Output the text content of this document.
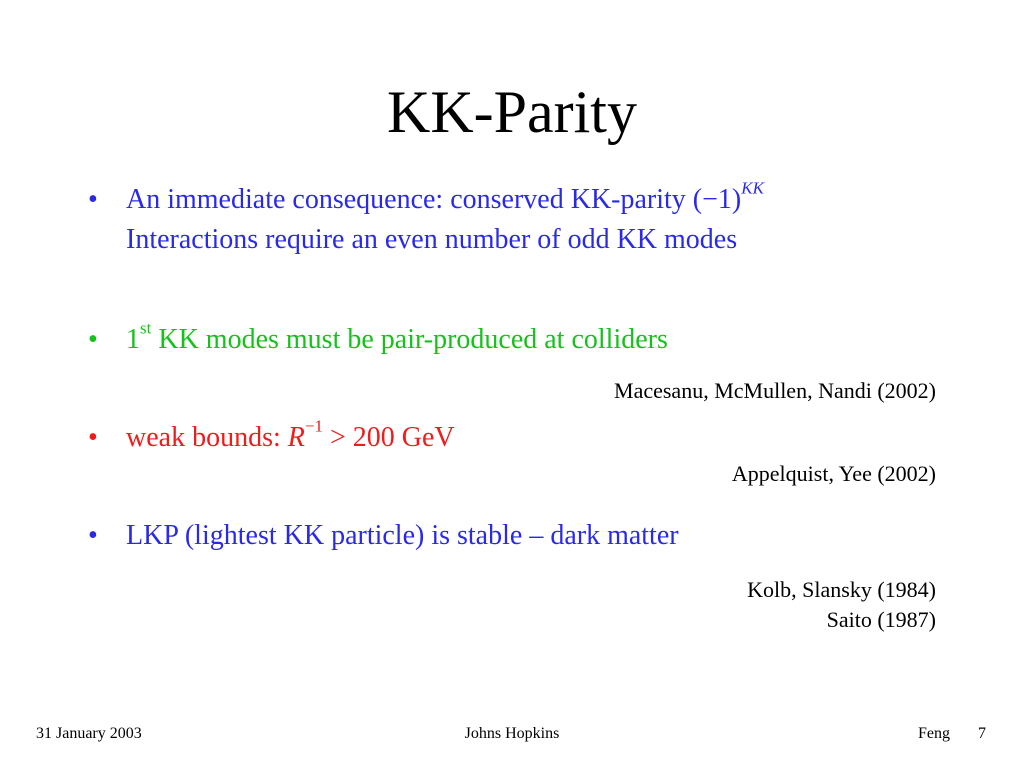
KK-Parity
• An immediate consequence: conserved KK-parity $(-1)^{KK}$
Interactions require an even number of odd KK modes
• 1st KK modes must be pair-produced at colliders
Macesanu, McMullen, Nandi (2002)
• weak bounds: $R^{-1} > 200$ GeV
Appelquist, Yee (2002)
• LKP (lightest KK particle) is stable – dark matter
Kolb, Slansky (1984)
Saito (1987)
31 January 2003	Johns Hopkins	Feng 7
